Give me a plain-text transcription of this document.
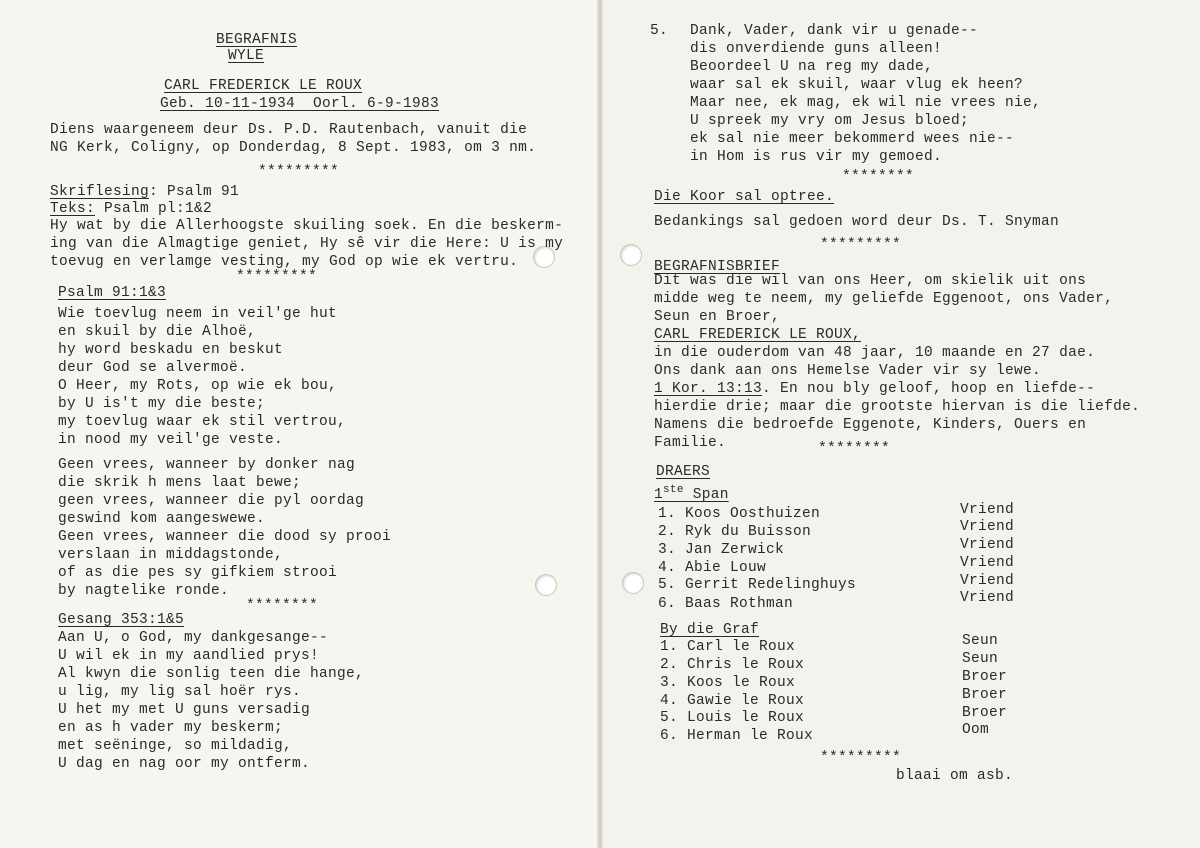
BEGRAFNIS
WYLE
CARL FREDERICK LE ROUX
Geb. 10-11-1934  Oorl. 6-9-1983
Diens waargeneem deur Ds. P.D. Rautenbach, vanuit die
NG Kerk, Coligny, op Donderdag, 8 Sept. 1983, om 3 nm.
*********
Skriflesing: Psalm 91
Teks: Psalm pl:1&2
Hy wat by die Allerhoogste skuiling soek. En die beskerm-
ing van die Almagtige geniet, Hy sê vir die Here: U is my
toevug en verlamge vesting, my God op wie ek vertru.
*********
Psalm 91:1&3
Wie toevlug neem in veil'ge hut
en skuil by die Alhoë,
hy word beskadu en beskut
deur God se alvermoë.
O Heer, my Rots, op wie ek bou,
by U is't my die beste;
my toevlug waar ek stil vertrou,
in nood my veil'ge veste.
Geen vrees, wanneer by donker nag
die skrik h mens laat bewe;
geen vrees, wanneer die pyl oordag
geswind kom aangeswewe.
Geen vrees, wanneer die dood sy prooi
verslaan in middagstonde,
of as die pes sy gifkiem strooi
by nagtelike ronde.
********
Gesang 353:1&5
Aan U, o God, my dankgesange--
U wil ek in my aandlied prys!
Al kwyn die sonlig teen die hange,
u lig, my lig sal hoër rys.
U het my met U guns versadig
en as h vader my beskerm;
met seëninge, so mildadig,
U dag en nag oor my ontferm.
5. Dank, Vader, dank vir u genade--
dis onverdiende guns alleen!
Beoordeel U na reg my dade,
waar sal ek skuil, waar vlug ek heen?
Maar nee, ek mag, ek wil nie vrees nie,
U spreek my vry om Jesus bloed;
ek sal nie meer bekommerd wees nie--
in Hom is rus vir my gemoed.
********
Die Koor sal optree.
Bedankings sal gedoen word deur Ds. T. Snyman
*********
BEGRAFNISBRIEF
Dit was die wil van ons Heer, om skielik uit ons
midde weg te neem, my geliefde Eggenoot, ons Vader,
Seun en Broer,
CARL FREDERICK LE ROUX,
in die ouderdom van 48 jaar, 10 maande en 27 dae.
Ons dank aan ons Hemelse Vader vir sy lewe.
1 Kor. 13:13. En nou bly geloof, hoop en liefde--
hierdie drie; maar die grootste hiervan is die liefde.
Namens die bedroefde Eggenote, Kinders, Ouers en
Familie.	********
DRAERS
1ste Span
1. Koos Oosthuizen	Vriend
2. Ryk du Buisson	Vriend
3. Jan Zerwick	Vriend
4. Abie Louw	Vriend
5. Gerrit Redelinghuys	Vriend
6. Baas Rothman	Vriend
By die Graf
1. Carl le Roux	Seun
2. Chris le Roux	Seun
3. Koos le Roux	Broer
4. Gawie le Roux	Broer
5. Louis le Roux	Broer
6. Herman le Roux	Oom
*********
blaai om asb.
